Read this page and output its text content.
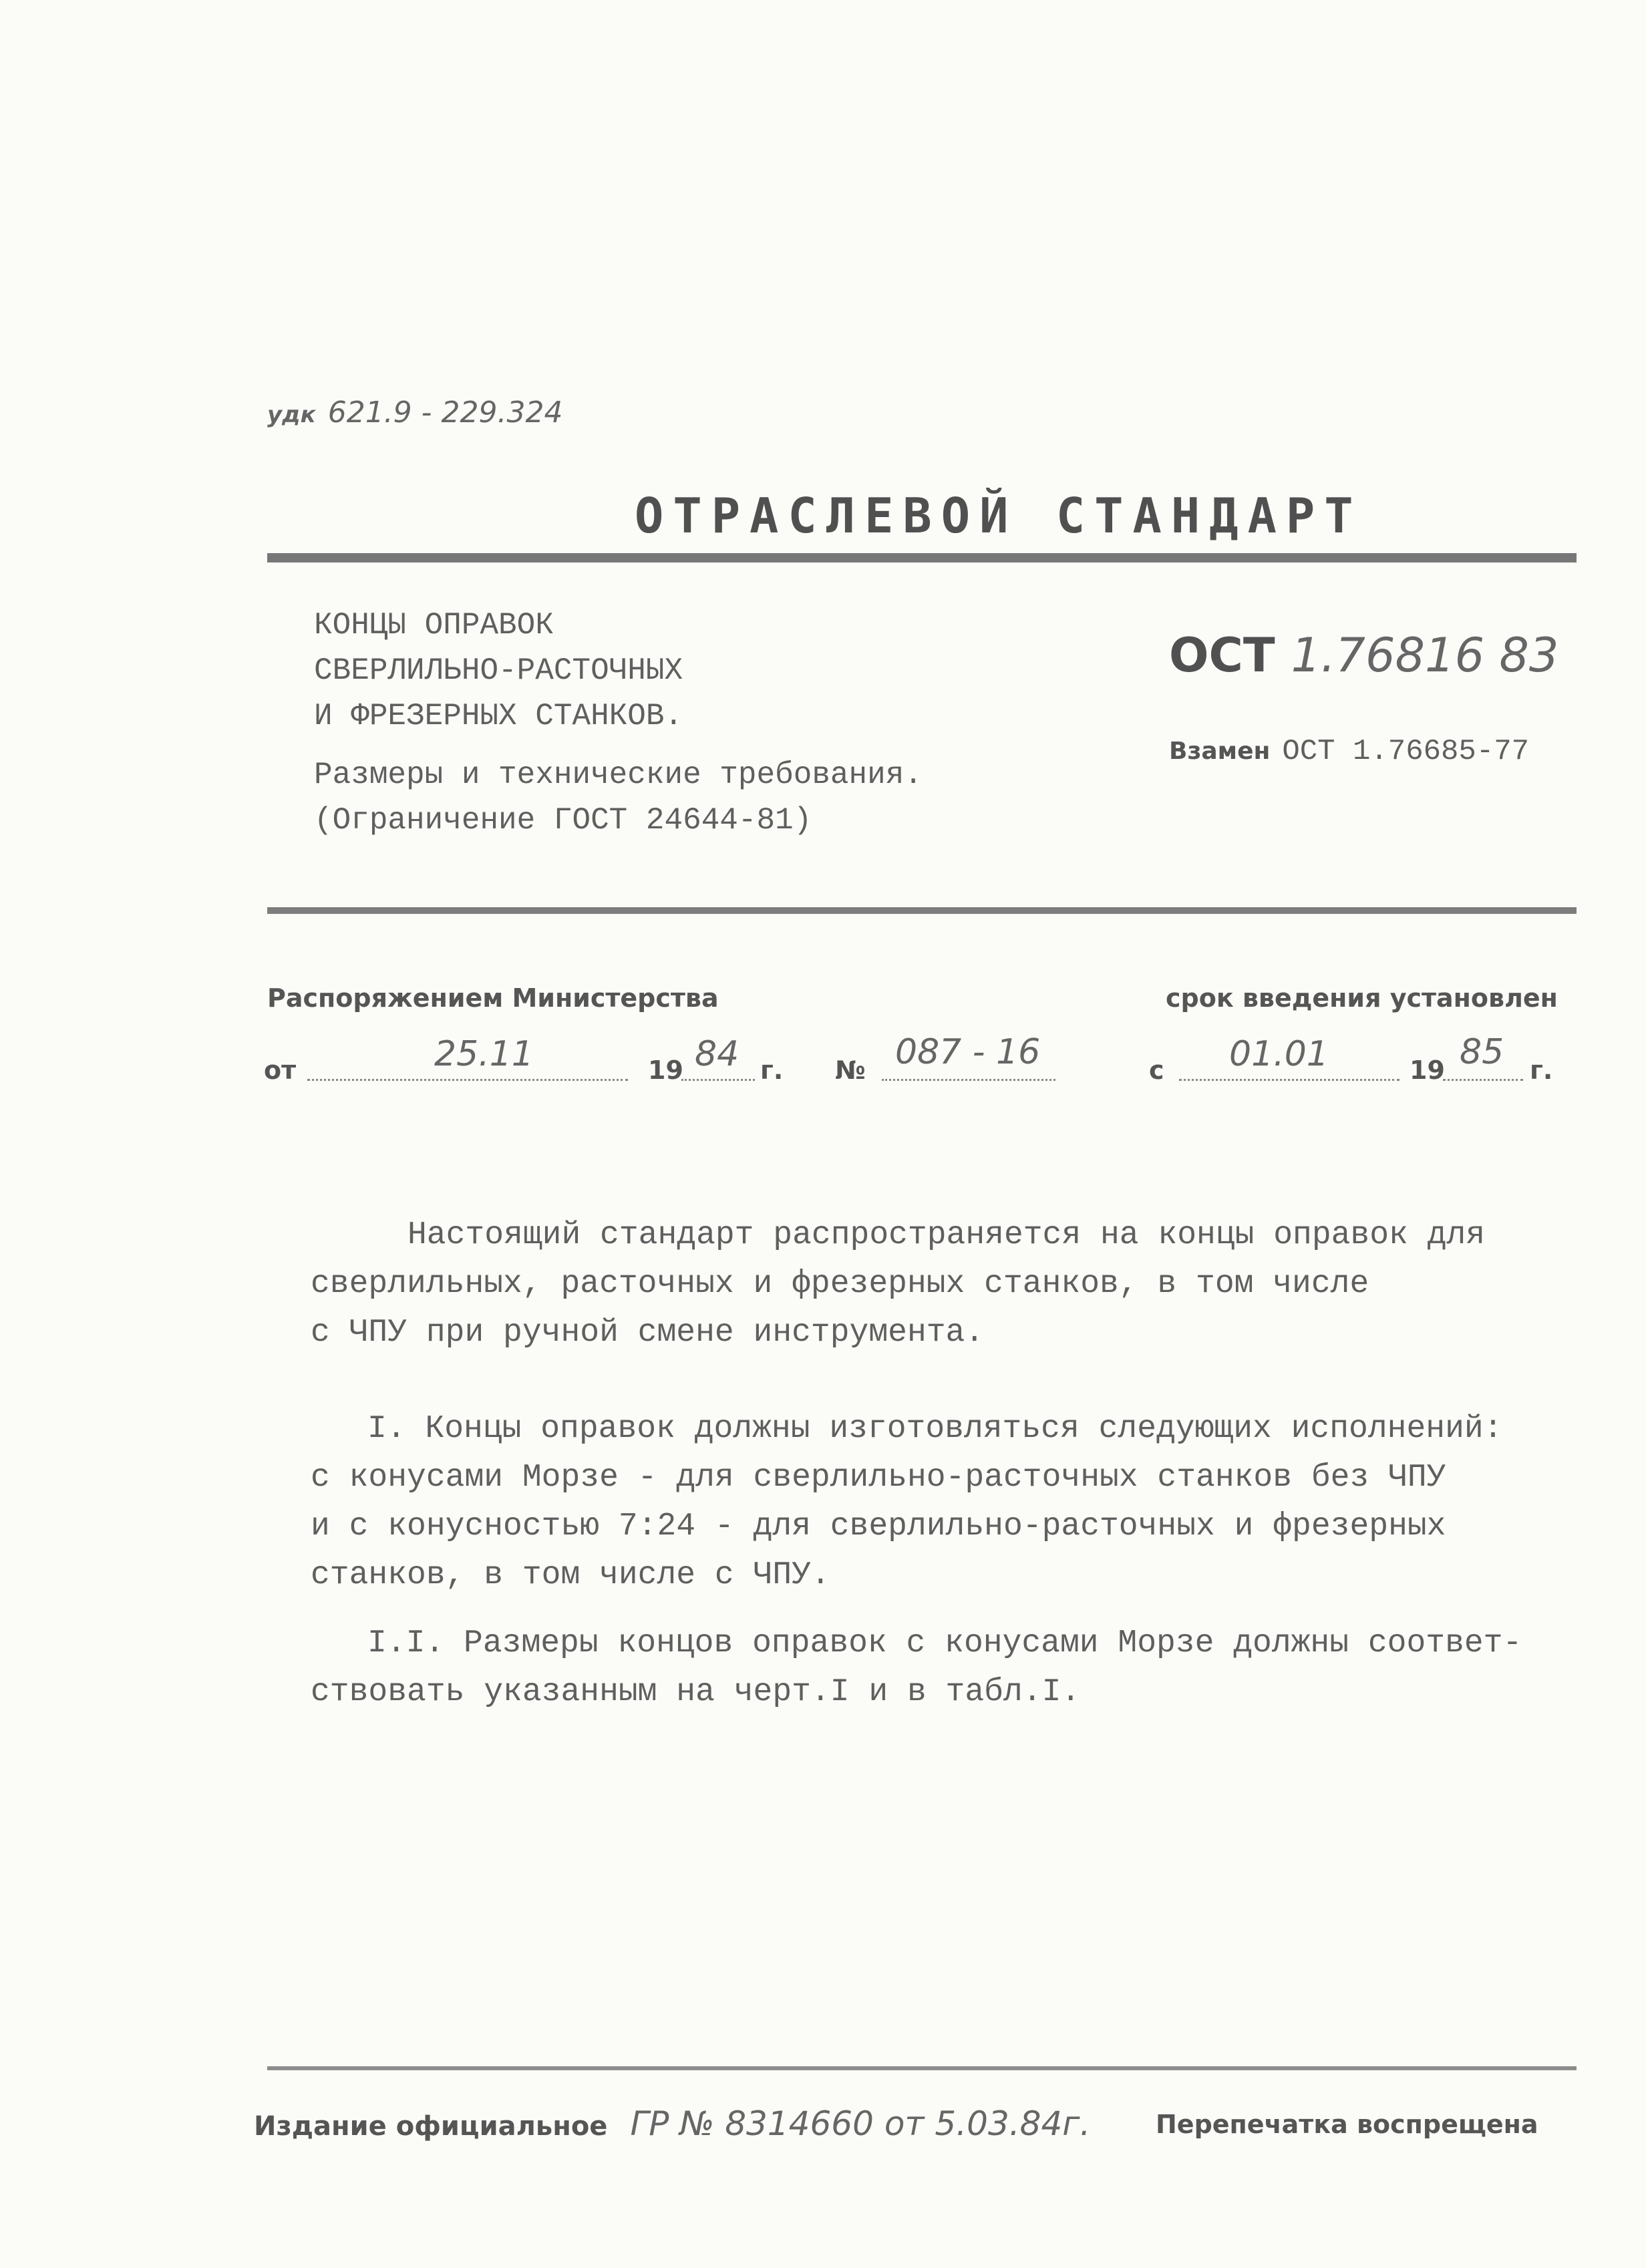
удк 621.9 - 229.324
ОТРАСЛЕВОЙ СТАНДАРТ
КОНЦЫ ОПРАВОК
СВЕРЛИЛЬНО-РАСТОЧНЫХ
И ФРЕЗЕРНЫХ СТАНКОВ.
Размеры и технические требования.
(Ограничение ГОСТ 24644-81)
ОСТ 1.76816 83
Взамен ОСТ 1.76685-77
Распоряжением Министерства
от	25.11	19 84 г. № 087 - 16
срок введения установлен
с 01.01	19 85 г.
Настоящий стандарт распространяется на концы оправок для
сверлильных, расточных и фрезерных станков, в том числе
с ЧПУ при ручной смене инструмента.
I. Концы оправок должны изготовляться следующих исполнений:
с конусами Морзе - для сверлильно-расточных станков без ЧПУ
и с конусностью 7:24 - для сверлильно-расточных и фрезерных
станков, в том числе с ЧПУ.
I.I. Размеры концов оправок с конусами Морзе должны соответ-
ствовать указанным на черт.I и в табл.I.
Издание официальное ГР № 8314660 от 5.03.84г.	Перепечатка воспрещена
